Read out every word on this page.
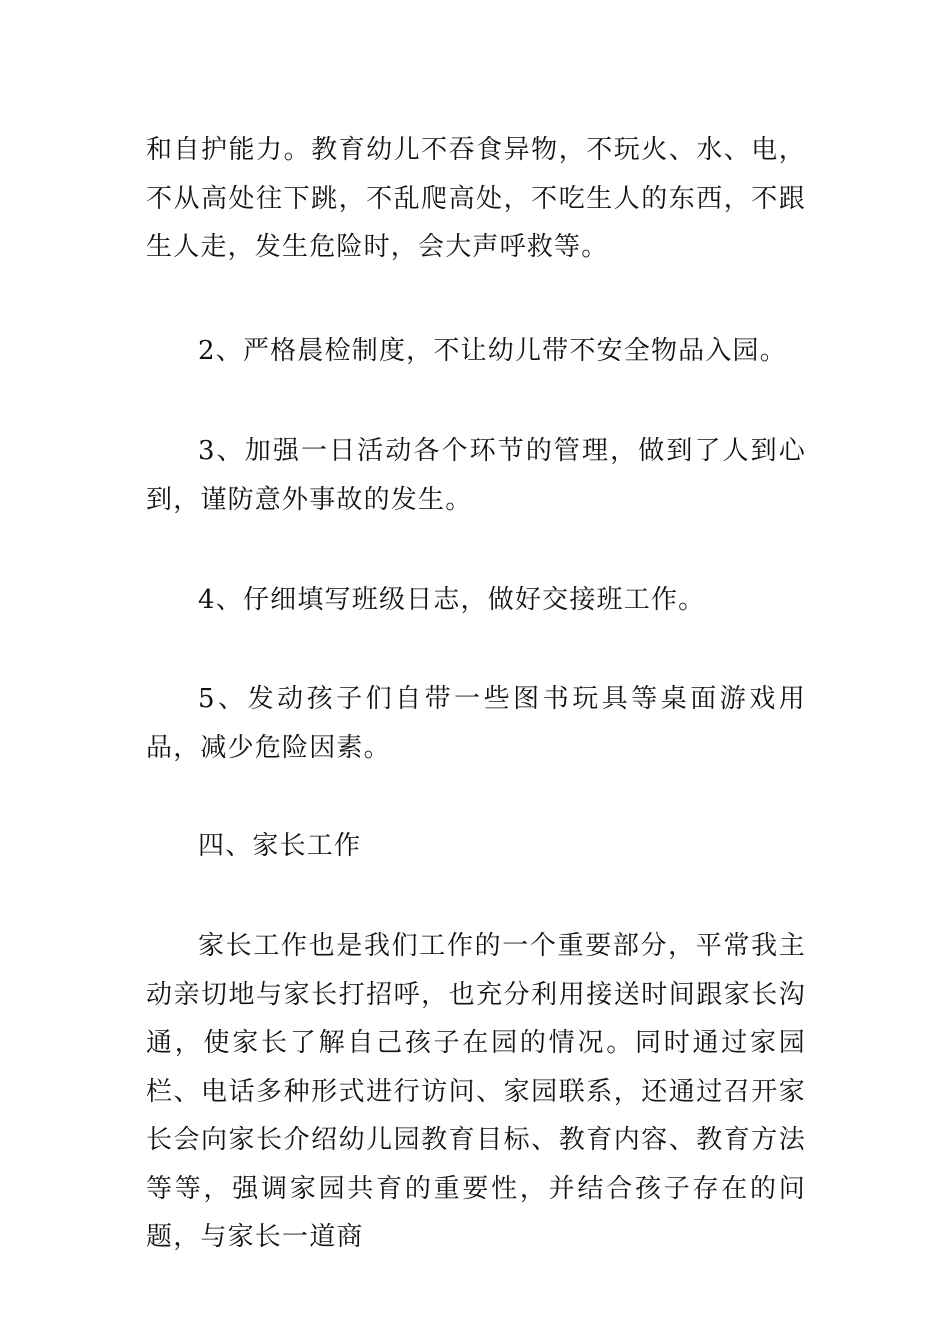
和自护能力。教育幼儿不吞食异物，不玩火、水、电，不从高处往下跳，不乱爬高处，不吃生人的东西，不跟生人走，发生危险时，会大声呼救等。

2、严格晨检制度，不让幼儿带不安全物品入园。

3、加强一日活动各个环节的管理，做到了人到心到，谨防意外事故的发生。

4、仔细填写班级日志，做好交接班工作。

5、发动孩子们自带一些图书玩具等桌面游戏用品，减少危险因素。

四、家长工作

家长工作也是我们工作的一个重要部分，平常我主动亲切地与家长打招呼，也充分利用接送时间跟家长沟通，使家长了解自己孩子在园的情况。同时通过家园栏、电话多种形式进行访问、家园联系，还通过召开家长会向家长介绍幼儿园教育目标、教育内容、教育方法等等，强调家园共育的重要性，并结合孩子存在的问题，与家长一道商
